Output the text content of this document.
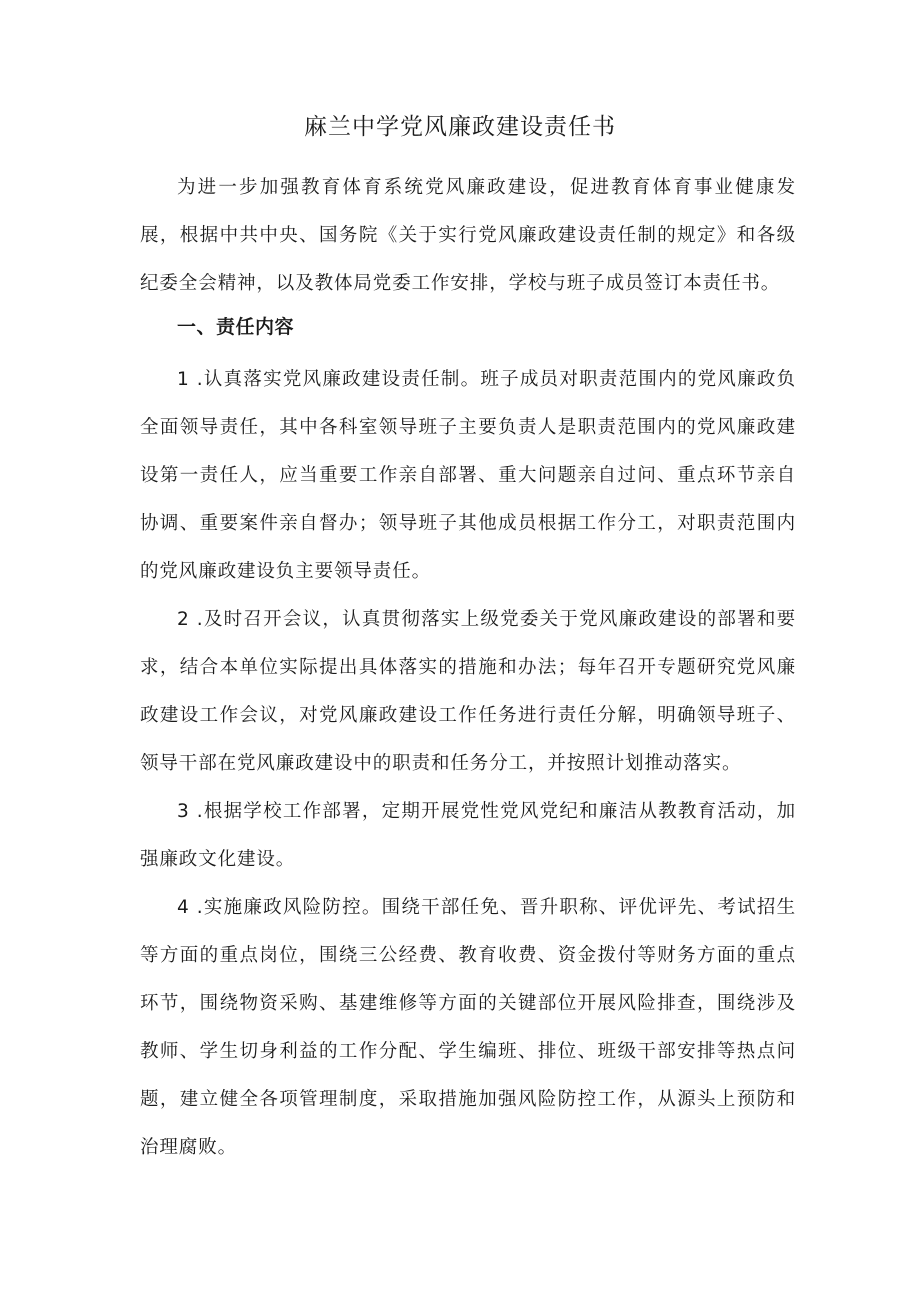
麻兰中学党风廉政建设责任书
为进一步加强教育体育系统党风廉政建设，促进教育体育事业健康发展，根据中共中央、国务院《关于实行党风廉政建设责任制的规定》和各级纪委全会精神，以及教体局党委工作安排，学校与班子成员签订本责任书。
一、责任内容
1 .认真落实党风廉政建设责任制。班子成员对职责范围内的党风廉政负全面领导责任，其中各科室领导班子主要负责人是职责范围内的党风廉政建设第一责任人，应当重要工作亲自部署、重大问题亲自过问、重点环节亲自协调、重要案件亲自督办；领导班子其他成员根据工作分工，对职责范围内的党风廉政建设负主要领导责任。
2 .及时召开会议，认真贯彻落实上级党委关于党风廉政建设的部署和要求，结合本单位实际提出具体落实的措施和办法；每年召开专题研究党风廉政建设工作会议，对党风廉政建设工作任务进行责任分解，明确领导班子、领导干部在党风廉政建设中的职责和任务分工，并按照计划推动落实。
3 .根据学校工作部署，定期开展党性党风党纪和廉洁从教教育活动，加强廉政文化建设。
4 .实施廉政风险防控。围绕干部任免、晋升职称、评优评先、考试招生等方面的重点岗位，围绕三公经费、教育收费、资金拨付等财务方面的重点环节，围绕物资采购、基建维修等方面的关键部位开展风险排查，围绕涉及教师、学生切身利益的工作分配、学生编班、排位、班级干部安排等热点问题，建立健全各项管理制度，采取措施加强风险防控工作，从源头上预防和治理腐败。
